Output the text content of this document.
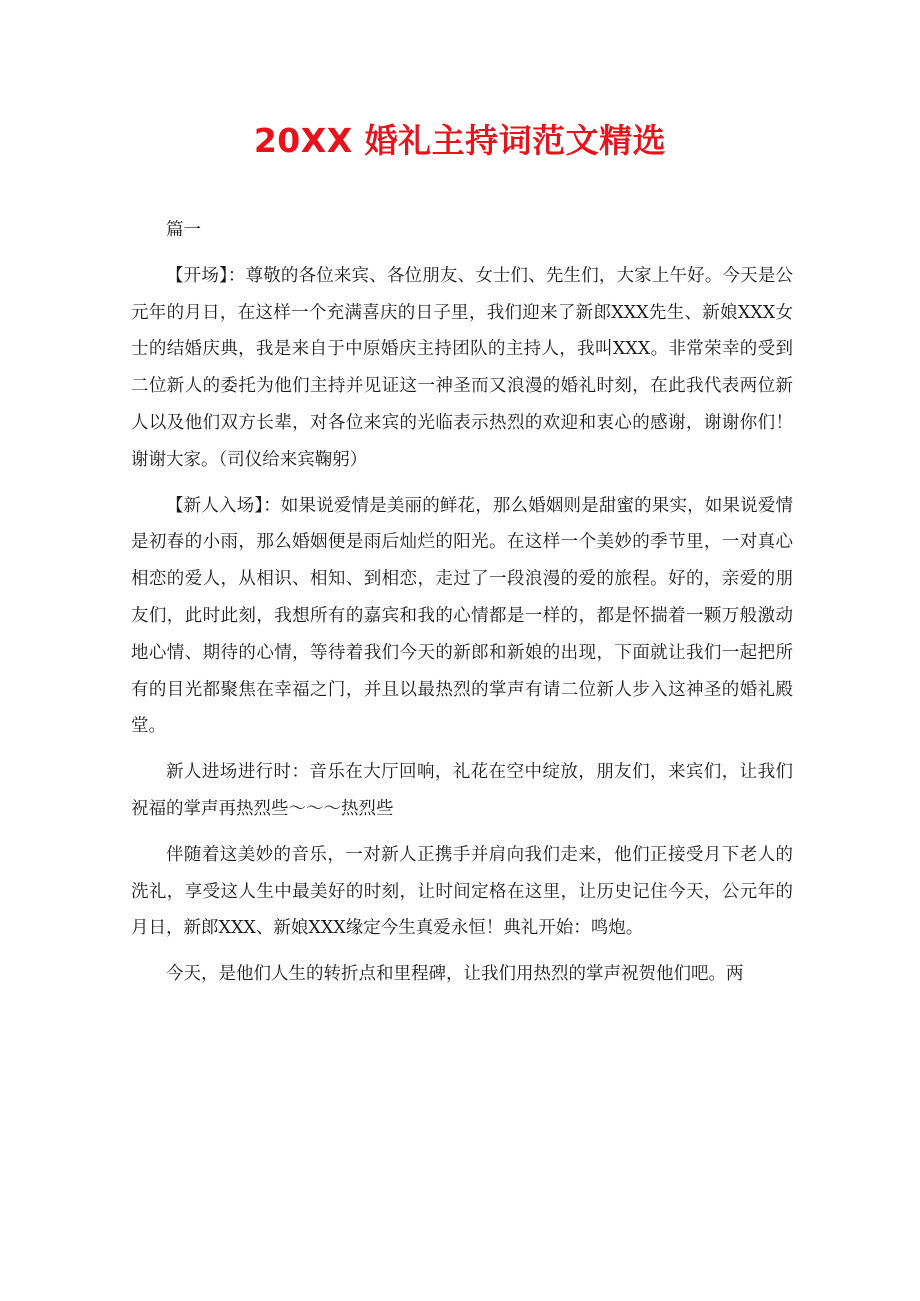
20XX 婚礼主持词范文精选

篇一

【开场】：尊敬的各位来宾、各位朋友、女士们、先生们，大家上午好。今天是公元年的月日，在这样一个充满喜庆的日子里，我们迎来了新郎XXX先生、新娘XXX女士的结婚庆典，我是来自于中原婚庆主持团队的主持人，我叫XXX。非常荣幸的受到二位新人的委托为他们主持并见证这一神圣而又浪漫的婚礼时刻，在此我代表两位新人以及他们双方长辈，对各位来宾的光临表示热烈的欢迎和衷心的感谢，谢谢你们！谢谢大家。（司仪给来宾鞠躬）

【新人入场】：如果说爱情是美丽的鲜花，那么婚姻则是甜蜜的果实，如果说爱情是初春的小雨，那么婚姻便是雨后灿烂的阳光。在这样一个美妙的季节里，一对真心相恋的爱人，从相识、相知、到相恋，走过了一段浪漫的爱的旅程。好的，亲爱的朋友们，此时此刻，我想所有的嘉宾和我的心情都是一样的，都是怀揣着一颗万般激动地心情、期待的心情，等待着我们今天的新郎和新娘的出现，下面就让我们一起把所有的目光都聚焦在幸福之门，并且以最热烈的掌声有请二位新人步入这神圣的婚礼殿堂。

新人进场进行时：音乐在大厅回响，礼花在空中绽放，朋友们，来宾们，让我们祝福的掌声再热烈些～～～热烈些

伴随着这美妙的音乐，一对新人正携手并肩向我们走来，他们正接受月下老人的洗礼，享受这人生中最美好的时刻，让时间定格在这里，让历史记住今天，公元年的月日，新郎XXX、新娘XXX缘定今生真爱永恒！典礼开始：鸣炮。

今天，是他们人生的转折点和里程碑，让我们用热烈的掌声祝贺他们吧。两
